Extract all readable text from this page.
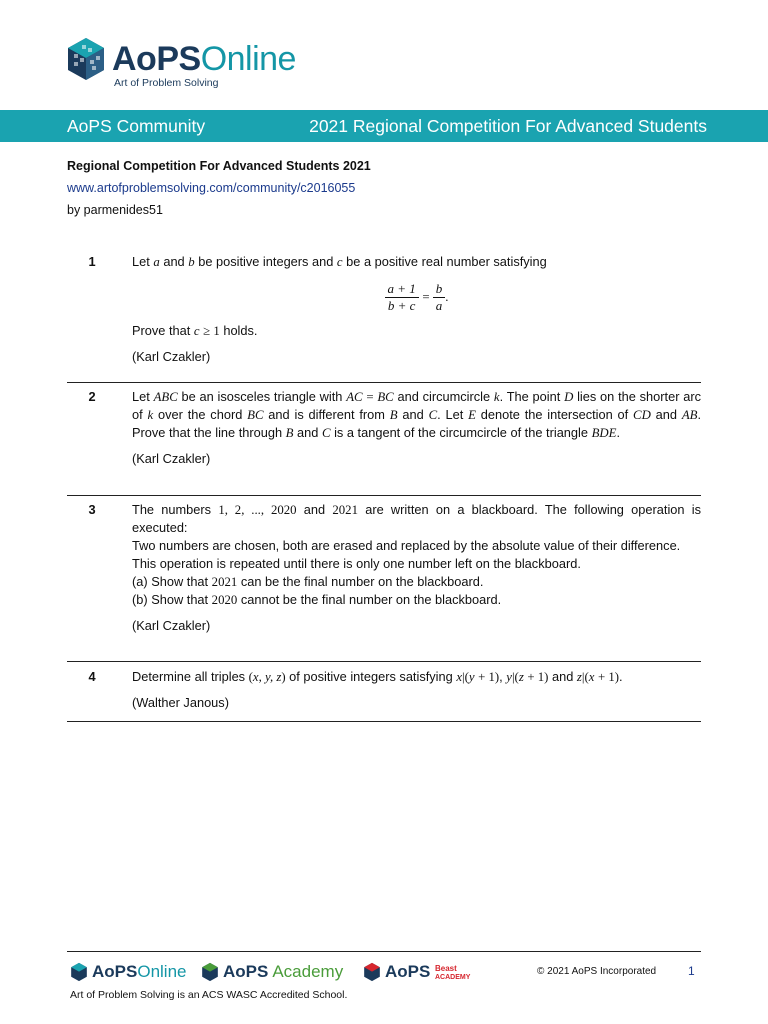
AoPSOnline
Art of Problem Solving
AoPS Community	2021 Regional Competition For Advanced Students
Regional Competition For Advanced Students 2021
www.artofproblemsolving.com/community/c2016055
by parmenides51
1	Let a and b be positive integers and c be a positive real number satisfying

$\frac{a + 1}{b + c} = \frac{b}{a}$ .

Prove that c ≥ 1 holds.

(Karl Czakler)

2	Let ABC be an isosceles triangle with AC = BC and circumcircle k. The point D lies on the shorter arc of k over the chord BC and is different from B and C. Let E denote the intersection of CD and AB. Prove that the line through B and C is a tangent of the circumcircle of the triangle BDE.

(Karl Czakler)

3	The numbers 1, 2, ..., 2020 and 2021 are written on a blackboard. The following operation is executed:

Two numbers are chosen, both are erased and replaced by the absolute value of their difference.

This operation is repeated until there is only one number left on the blackboard.

(a) Show that 2021 can be the final number on the blackboard.

(b) Show that 2020 cannot be the final number on the blackboard.

(Karl Czakler)

4	Determine all triples (x, y, z) of positive integers satisfying x|(y + 1), y|(z + 1) and z|(x + 1).

(Walther Janous)

AoPS Online AoPS Academy AoPS Beast
ACADEMY
© 2021 AoPS Incorporated	1
Art of Problem Solving is an ACS WASC Accredited School.
